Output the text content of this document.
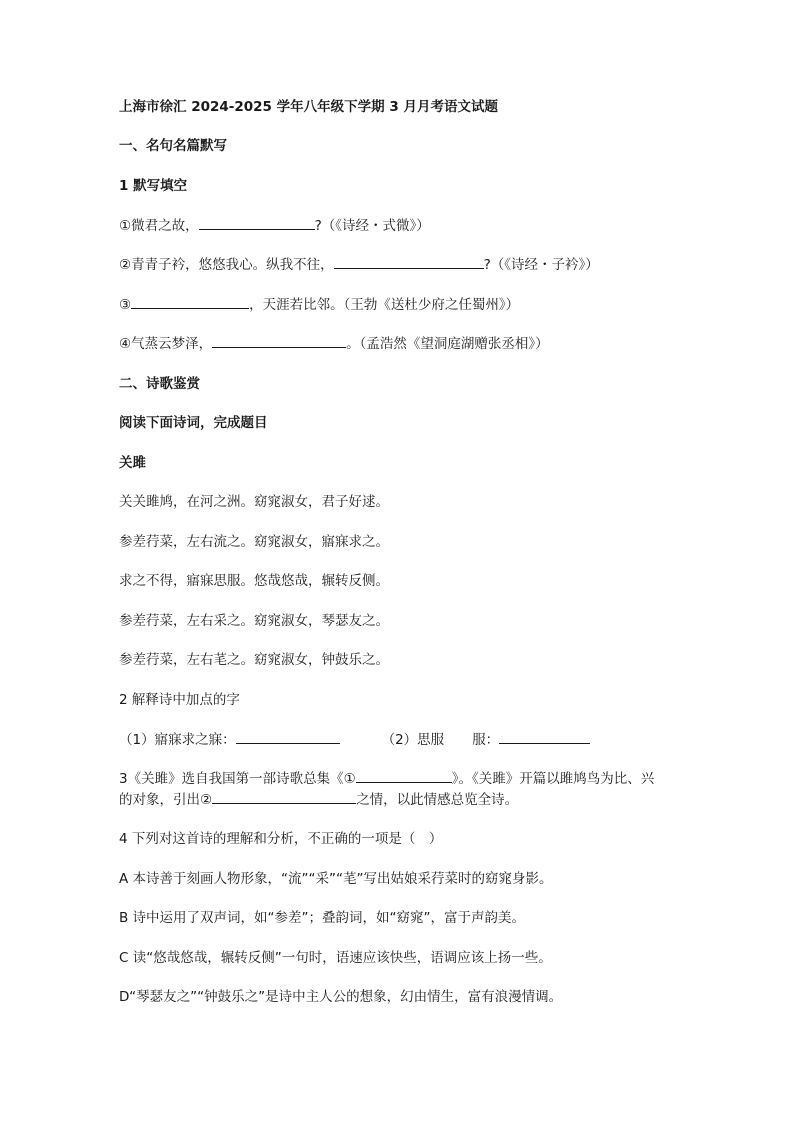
上海市徐汇 2024-2025 学年八年级下学期 3 月月考语文试题
一、名句名篇默写
1 默写填空
①微君之故，	?（《诗经・式微》）
②青青子衿，悠悠我心。纵我不往，	?（《诗经・子衿》）
③	，天涯若比邻。（王勃《送杜少府之任蜀州》）
④气蒸云梦泽，	。（孟浩然《望洞庭湖赠张丞相》）
二、诗歌鉴赏
阅读下面诗词，完成题目
关雎
关关雎鸠，在河之洲。窈窕淑女，君子好逑。
参差荇菜，左右流之。窈窕淑女，寤寐求之。
求之不得，寤寐思服。悠哉悠哉，辗转反侧。
参差荇菜，左右采之。窈窕淑女，琴瑟友之。
参差荇菜，左右芼之。窈窕淑女，钟鼓乐之。
2 解释诗中加点的字
（1）寤寐求之寐：	（2）思服 服：
3《关雎》选自我国第一部诗歌总集《①	》。《关雎》开篇以雎鸠鸟为比、兴
的对象，引出②	之情，以此情感总览全诗。
4 下列对这首诗的理解和分析，不正确的一项是（　）
A 本诗善于刻画人物形象，“流”“采”“芼”写出姑娘采荇菜时的窈窕身影。
B 诗中运用了双声词，如“参差”；叠韵词，如“窈窕”，富于声韵美。
C 读“悠哉悠哉，辗转反侧”一句时，语速应该快些，语调应该上扬一些。
D“琴瑟友之”“钟鼓乐之”是诗中主人公的想象，幻由情生，富有浪漫情调。
